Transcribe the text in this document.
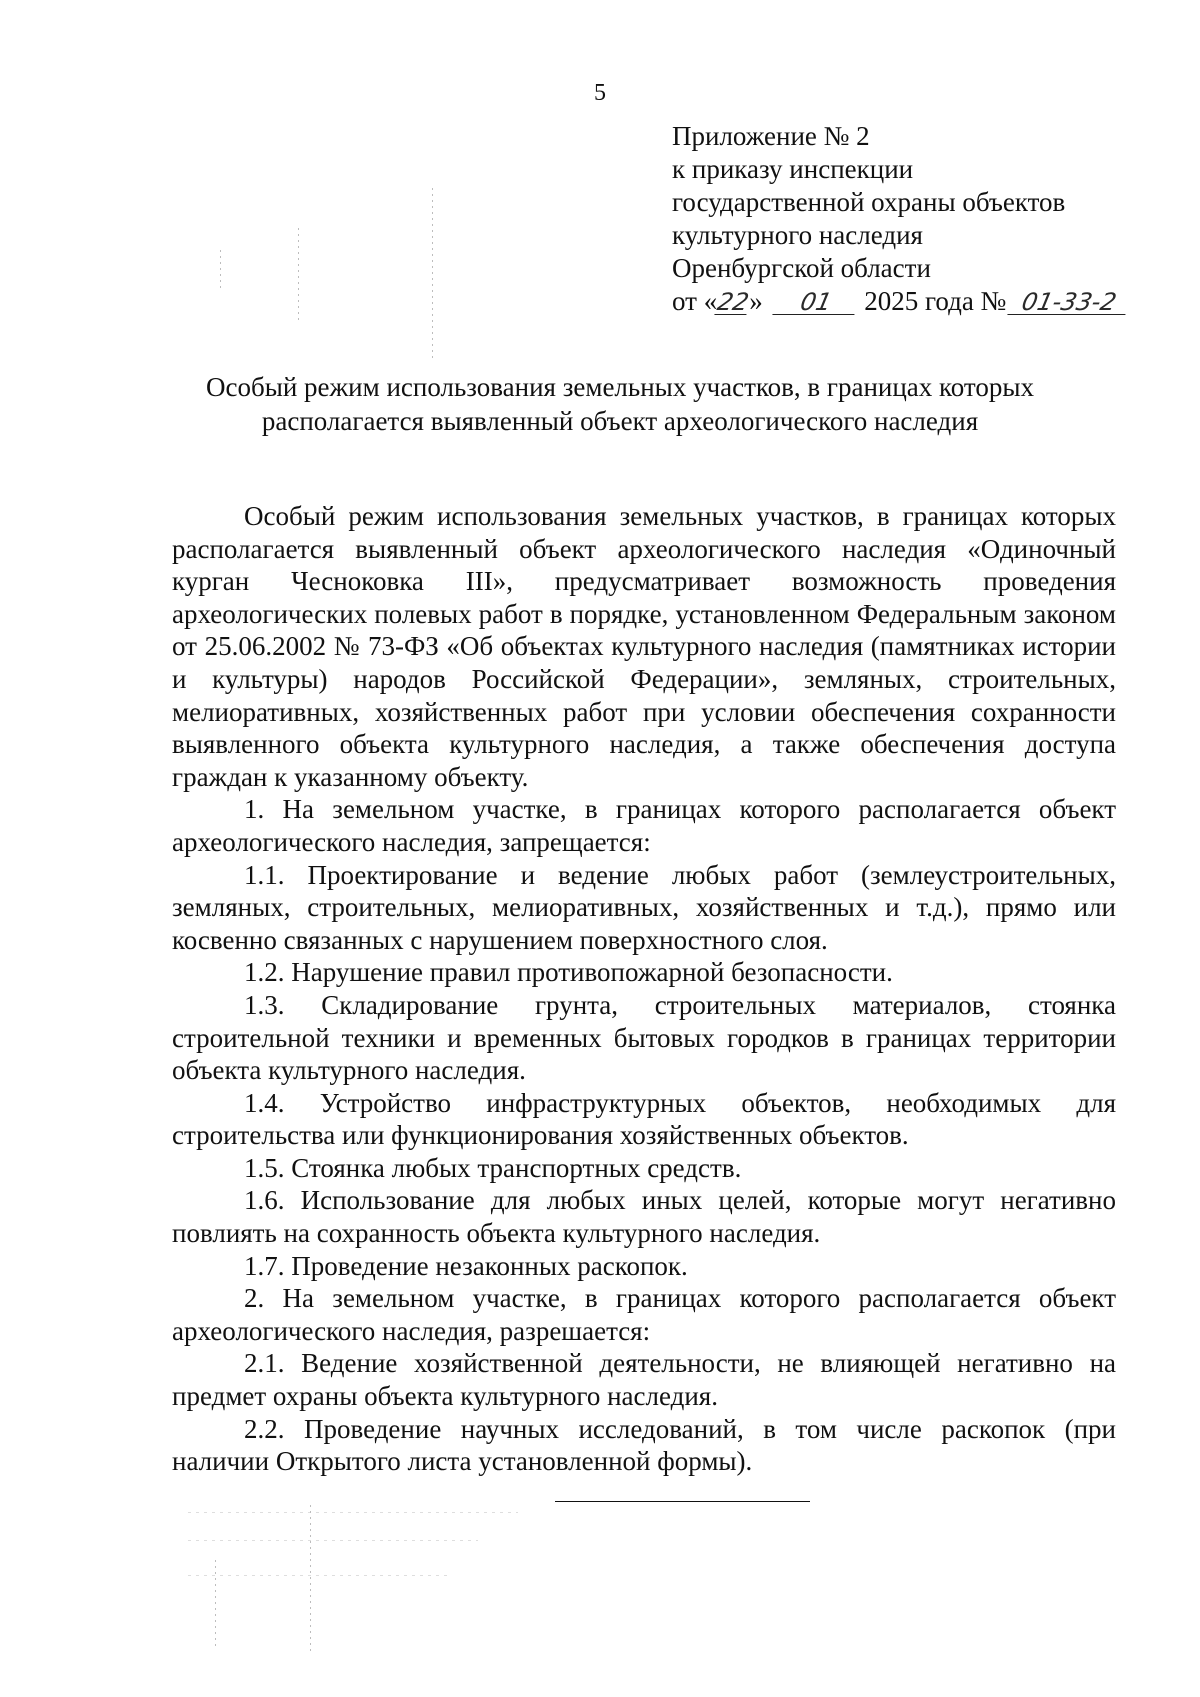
5
Приложение № 2
к приказу инспекции
государственной охраны объектов
культурного наследия
Оренбургской области
от «22» 01 2025 года № 01-33-2
Особый режим использования земельных участков, в границах которых
располагается выявленный объект археологического наследия

Особый режим использования земельных участков, в границах которых располагается выявленный объект археологического наследия «Одиночный курган Чесноковка III», предусматривает возможность проведения археологических полевых работ в порядке, установленном Федеральным законом от 25.06.2002 № 73-ФЗ «Об объектах культурного наследия (памятниках истории и культуры) народов Российской Федерации», земляных, строительных, мелиоративных, хозяйственных работ при условии обеспечения сохранности выявленного объекта культурного наследия, а также обеспечения доступа граждан к указанному объекту.

1. На земельном участке, в границах которого располагается объект археологического наследия, запрещается:

1.1. Проектирование и ведение любых работ (землеустроительных, земляных, строительных, мелиоративных, хозяйственных и т.д.), прямо или косвенно связанных с нарушением поверхностного слоя.

1.2. Нарушение правил противопожарной безопасности.

1.3. Складирование грунта, строительных материалов, стоянка строительной техники и временных бытовых городков в границах территории объекта культурного наследия.

1.4. Устройство инфраструктурных объектов, необходимых для строительства или функционирования хозяйственных объектов.

1.5. Стоянка любых транспортных средств.

1.6. Использование для любых иных целей, которые могут негативно повлиять на сохранность объекта культурного наследия.

1.7. Проведение незаконных раскопок.

2. На земельном участке, в границах которого располагается объект археологического наследия, разрешается:

2.1. Ведение хозяйственной деятельности, не влияющей негативно на предмет охраны объекта культурного наследия.

2.2. Проведение научных исследований, в том числе раскопок (при наличии Открытого листа установленной формы).
